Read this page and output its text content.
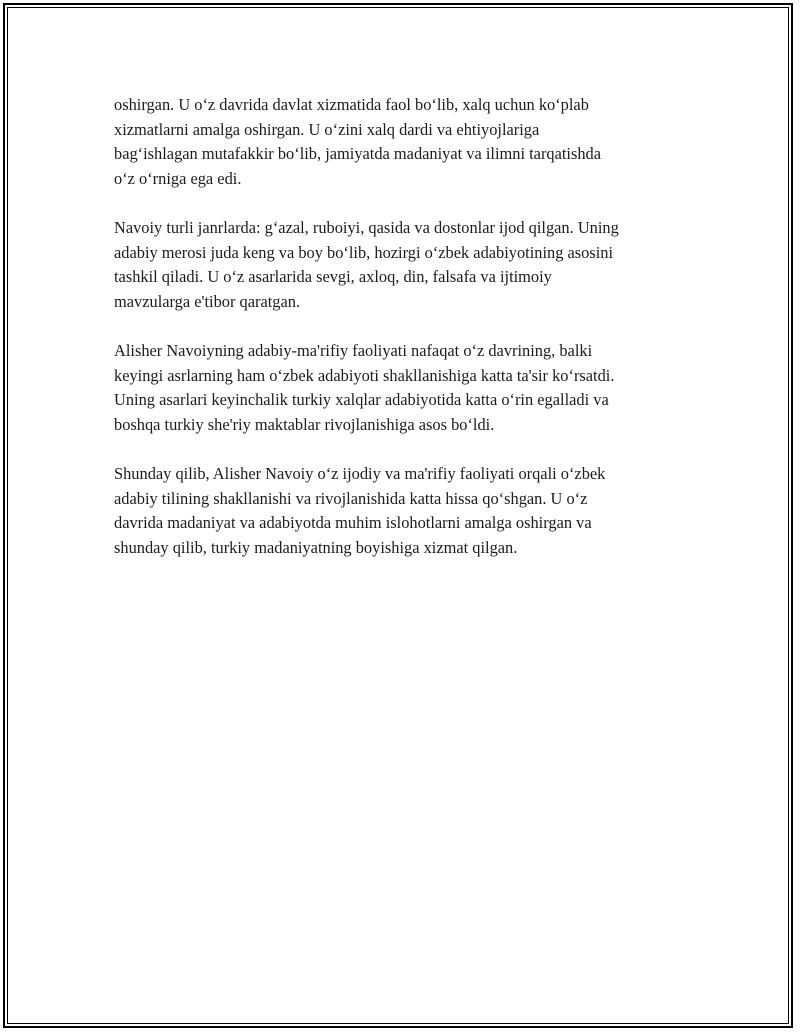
oshirgan. U o‘z davrida davlat xizmatida faol bo‘lib, xalq uchun ko‘plab
xizmatlarni amalga oshirgan. U o‘zini xalq dardi va ehtiyojlariga
bag‘ishlagan mutafakkir bo‘lib, jamiyatda madaniyat va ilimni tarqatishda
o‘z o‘rniga ega edi.

Navoiy turli janrlarda: g‘azal, ruboiyi, qasida va dostonlar ijod qilgan. Uning
adabiy merosi juda keng va boy bo‘lib, hozirgi o‘zbek adabiyotining asosini
tashkil qiladi. U o‘z asarlarida sevgi, axloq, din, falsafa va ijtimoiy
mavzularga e'tibor qaratgan.

Alisher Navoiyning adabiy-ma'rifiy faoliyati nafaqat o‘z davrining, balki
keyingi asrlarning ham o‘zbek adabiyoti shakllanishiga katta ta'sir ko‘rsatdi.
Uning asarlari keyinchalik turkiy xalqlar adabiyotida katta o‘rin egalladi va
boshqa turkiy she'riy maktablar rivojlanishiga asos bo‘ldi.

Shunday qilib, Alisher Navoiy o‘z ijodiy va ma'rifiy faoliyati orqali o‘zbek
adabiy tilining shakllanishi va rivojlanishida katta hissa qo‘shgan. U o‘z
davrida madaniyat va adabiyotda muhim islohotlarni amalga oshirgan va
shunday qilib, turkiy madaniyatning boyishiga xizmat qilgan.
